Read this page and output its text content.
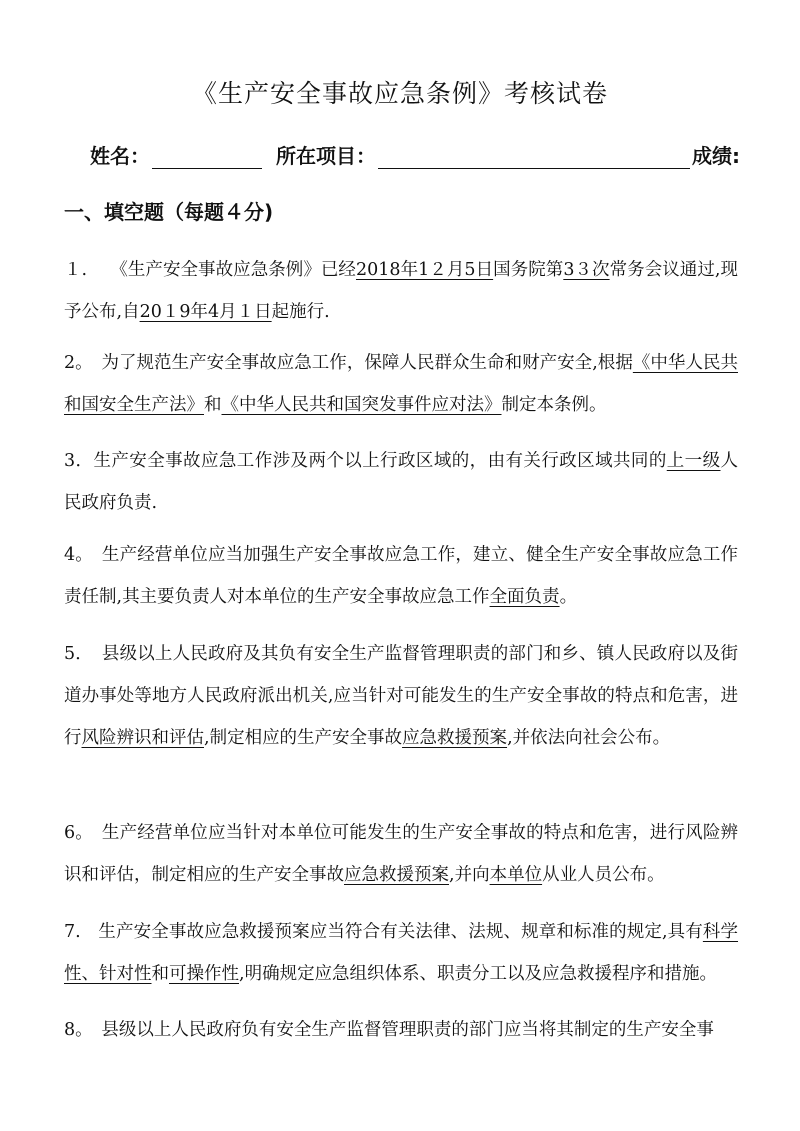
《生产安全事故应急条例》考核试卷
姓名：	所在项目：	成绩:
一、填空题（每题４分)
１.　 《生产安全事故应急条例》已经2018年1２月5日国务院第3３次常务会议通过,现予公布,自20１9年4月１日起施行.
2。　为了规范生产安全事故应急工作，保障人民群众生命和财产安全,根据《中华人民共和国安全生产法》和《中华人民共和国突发事件应对法》制定本条例。
3．生产安全事故应急工作涉及两个以上行政区域的，由有关行政区域共同的上一级人民政府负责.
4。　生产经营单位应当加强生产安全事故应急工作，建立、健全生产安全事故应急工作责任制,其主要负责人对本单位的生产安全事故应急工作全面负责。
5．　县级以上人民政府及其负有安全生产监督管理职责的部门和乡、镇人民政府以及街道办事处等地方人民政府派出机关,应当针对可能发生的生产安全事故的特点和危害，进行风险辨识和评估,制定相应的生产安全事故应急救援预案,并依法向社会公布。
6。　生产经营单位应当针对本单位可能发生的生产安全事故的特点和危害，进行风险辨识和评估，制定相应的生产安全事故应急救援预案,并向本单位从业人员公布。
7.　生产安全事故应急救援预案应当符合有关法律、法规、规章和标准的规定,具有科学性、针对性和可操作性,明确规定应急组织体系、职责分工以及应急救援程序和措施。
8。　县级以上人民政府负有安全生产监督管理职责的部门应当将其制定的生产安全事
